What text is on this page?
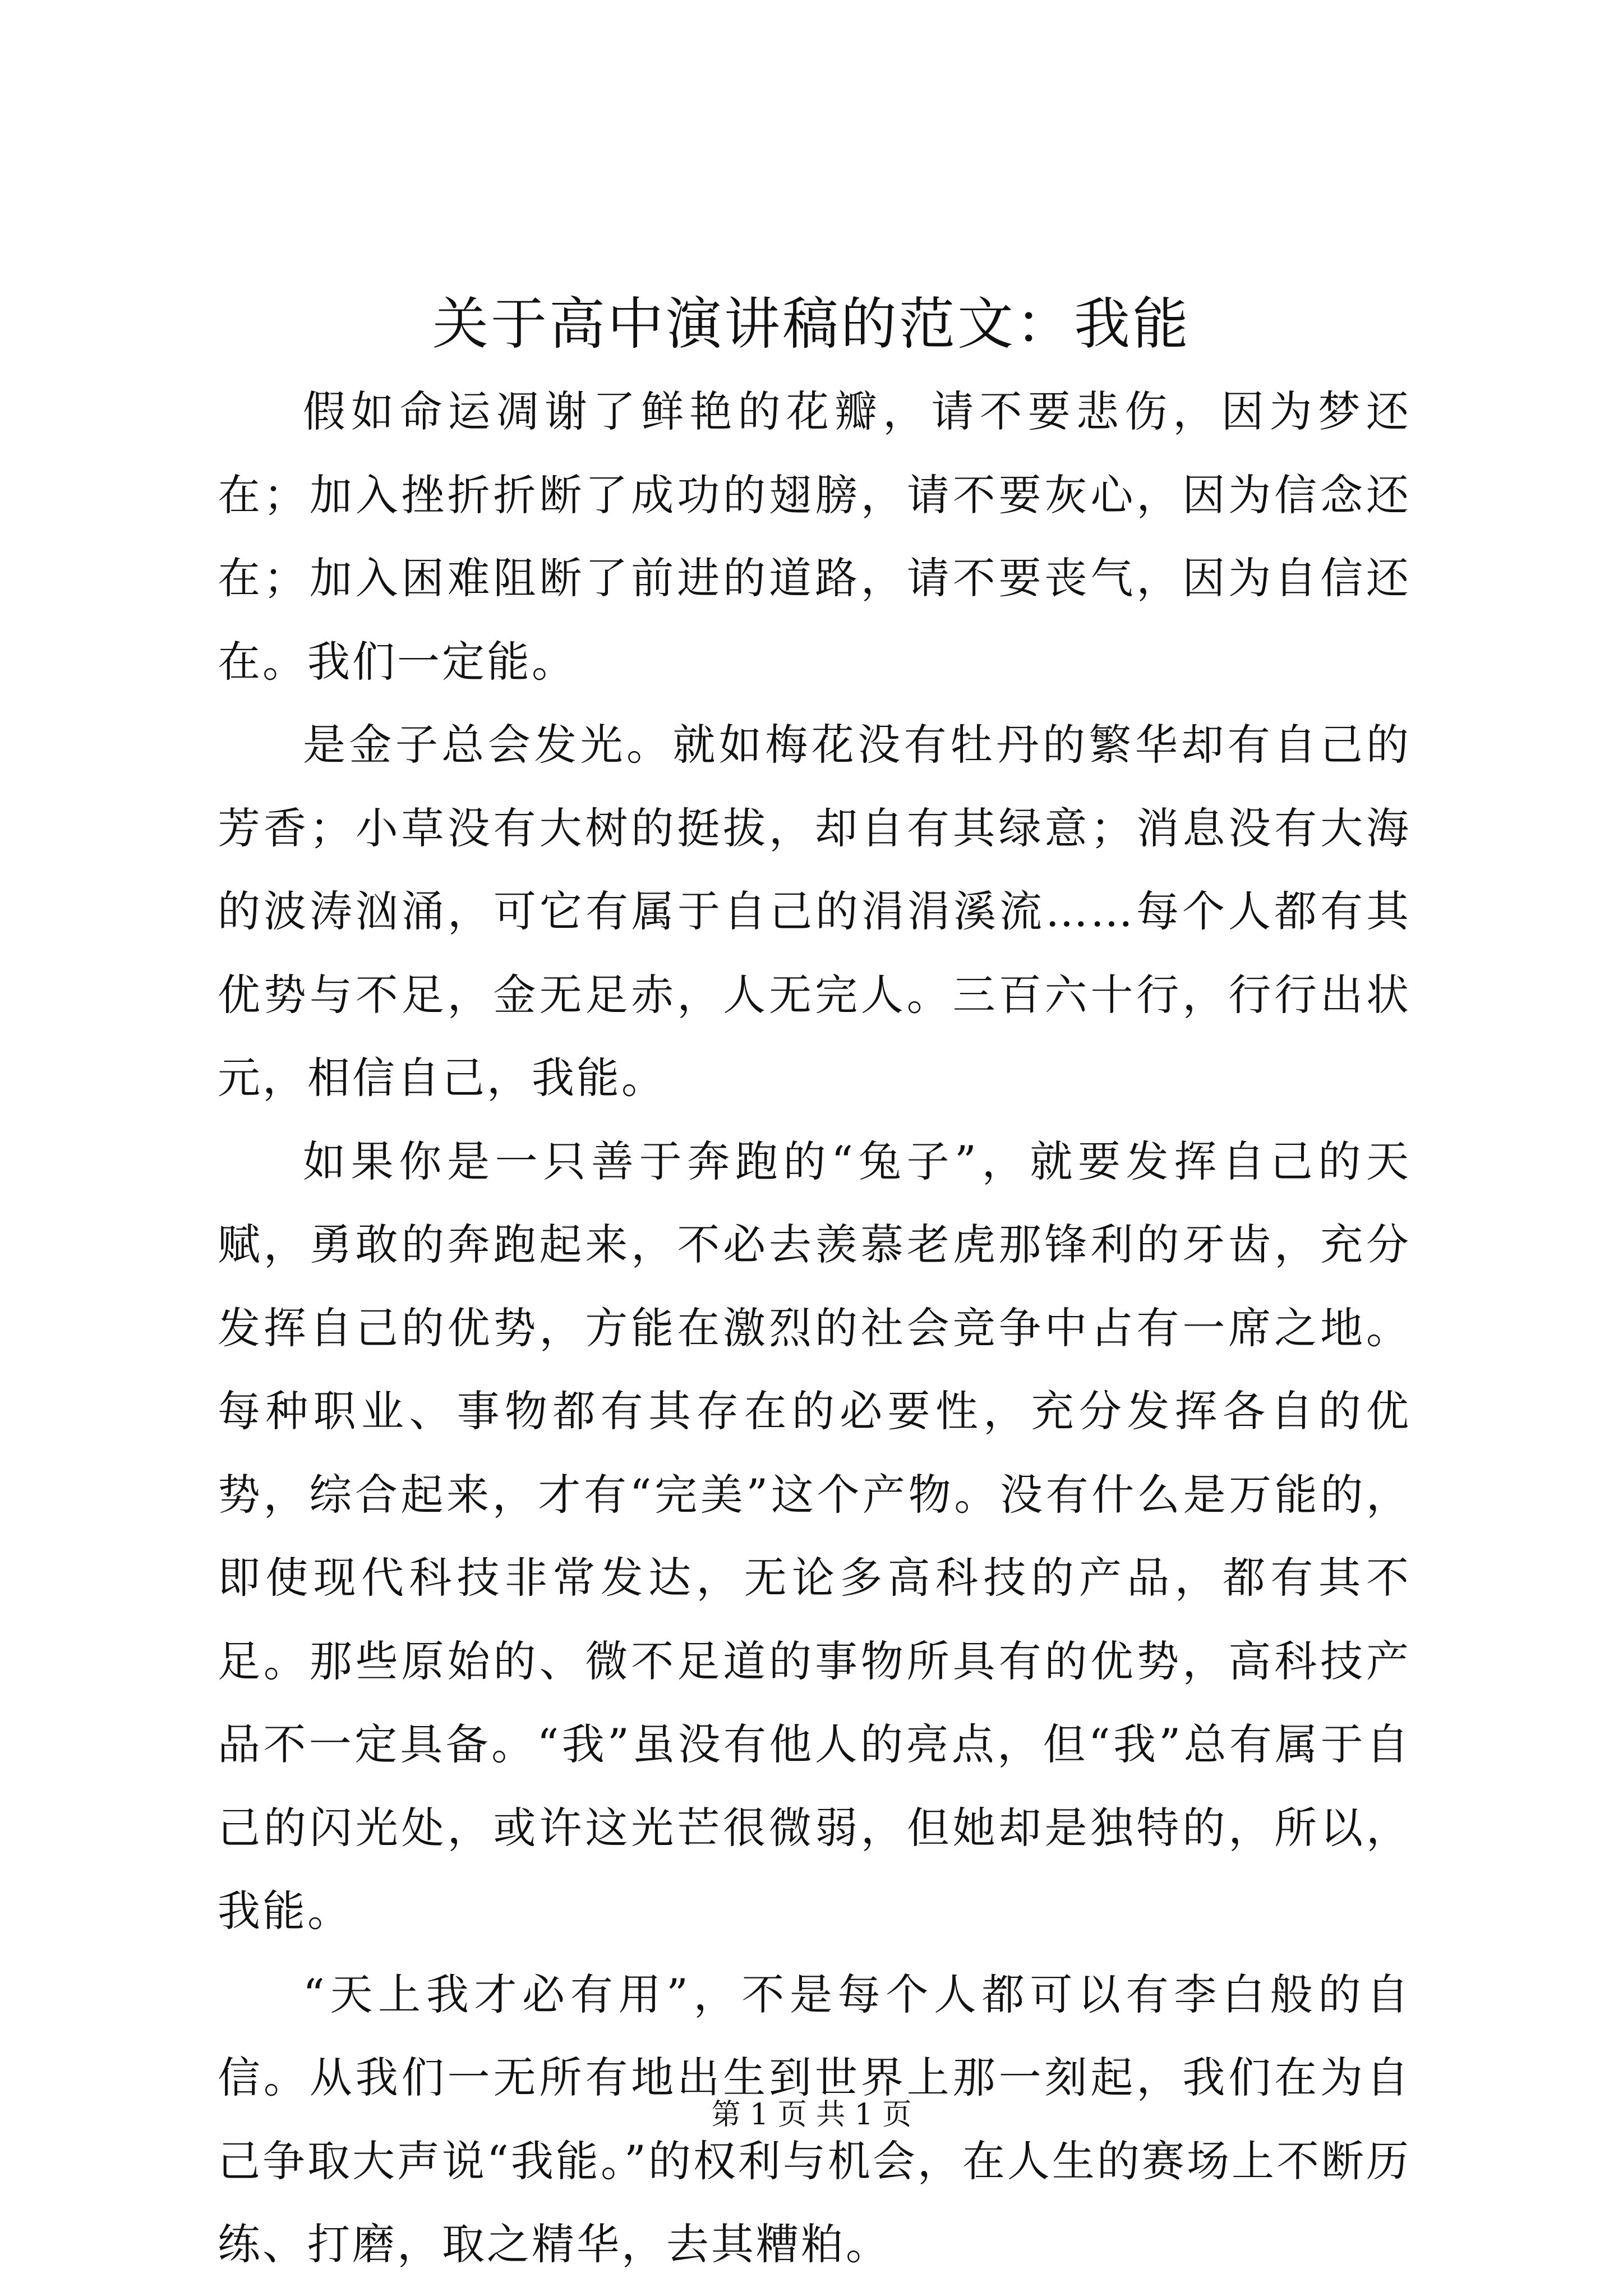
关于高中演讲稿的范文：我能

假如命运凋谢了鲜艳的花瓣，请不要悲伤，因为梦还在；加入挫折折断了成功的翅膀，请不要灰心，因为信念还在；加入困难阻断了前进的道路，请不要丧气，因为自信还在。我们一定能。

是金子总会发光。就如梅花没有牡丹的繁华却有自己的芳香；小草没有大树的挺拔，却自有其绿意；消息没有大海的波涛汹涌，可它有属于自己的涓涓溪流……每个人都有其优势与不足，金无足赤，人无完人。三百六十行，行行出状元，相信自己，我能。

如果你是一只善于奔跑的“兔子”，就要发挥自己的天赋，勇敢的奔跑起来，不必去羡慕老虎那锋利的牙齿，充分发挥自己的优势，方能在激烈的社会竞争中占有一席之地。每种职业、事物都有其存在的必要性，充分发挥各自的优势，综合起来，才有“完美”这个产物。没有什么是万能的，即使现代科技非常发达，无论多高科技的产品，都有其不足。那些原始的、微不足道的事物所具有的优势，高科技产品不一定具备。“我”虽没有他人的亮点，但“我”总有属于自己的闪光处，或许这光芒很微弱，但她却是独特的，所以，我能。

“天上我才必有用”，不是每个人都可以有李白般的自信。从我们一无所有地出生到世界上那一刻起，我们在为自己争取大声说“我能。”的权利与机会，在人生的赛场上不断历练、打磨，取之精华，去其糟粕。

第 1 页 共 1 页
